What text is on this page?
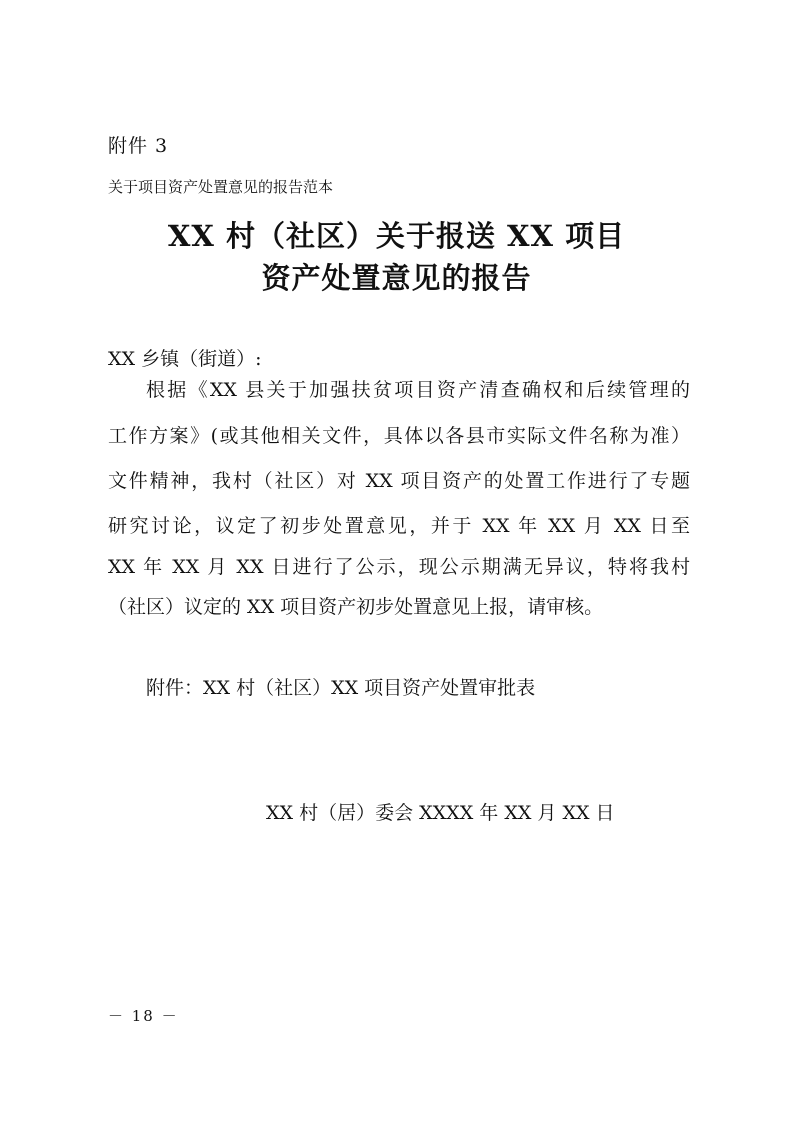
附件 3
关于项目资产处置意见的报告范本
XX 村（社区）关于报送 XX 项目
资产处置意见的报告
XX 乡镇（街道）:
根据《XX 县关于加强扶贫项目资产清查确权和后续管理的
工作方案》(或其他相关文件，具体以各县市实际文件名称为准）
文件精神，我村（社区）对 XX 项目资产的处置工作进行了专题
研究讨论，议定了初步处置意见，并于 XX 年 XX 月 XX 日至
XX 年 XX 月 XX 日进行了公示，现公示期满无异议，特将我村
（社区）议定的 XX 项目资产初步处置意见上报，请审核。
附件：XX 村（社区）XX 项目资产处置审批表
XX 村（居）委会 XXXX 年 XX 月 XX 日
－ 18 －
